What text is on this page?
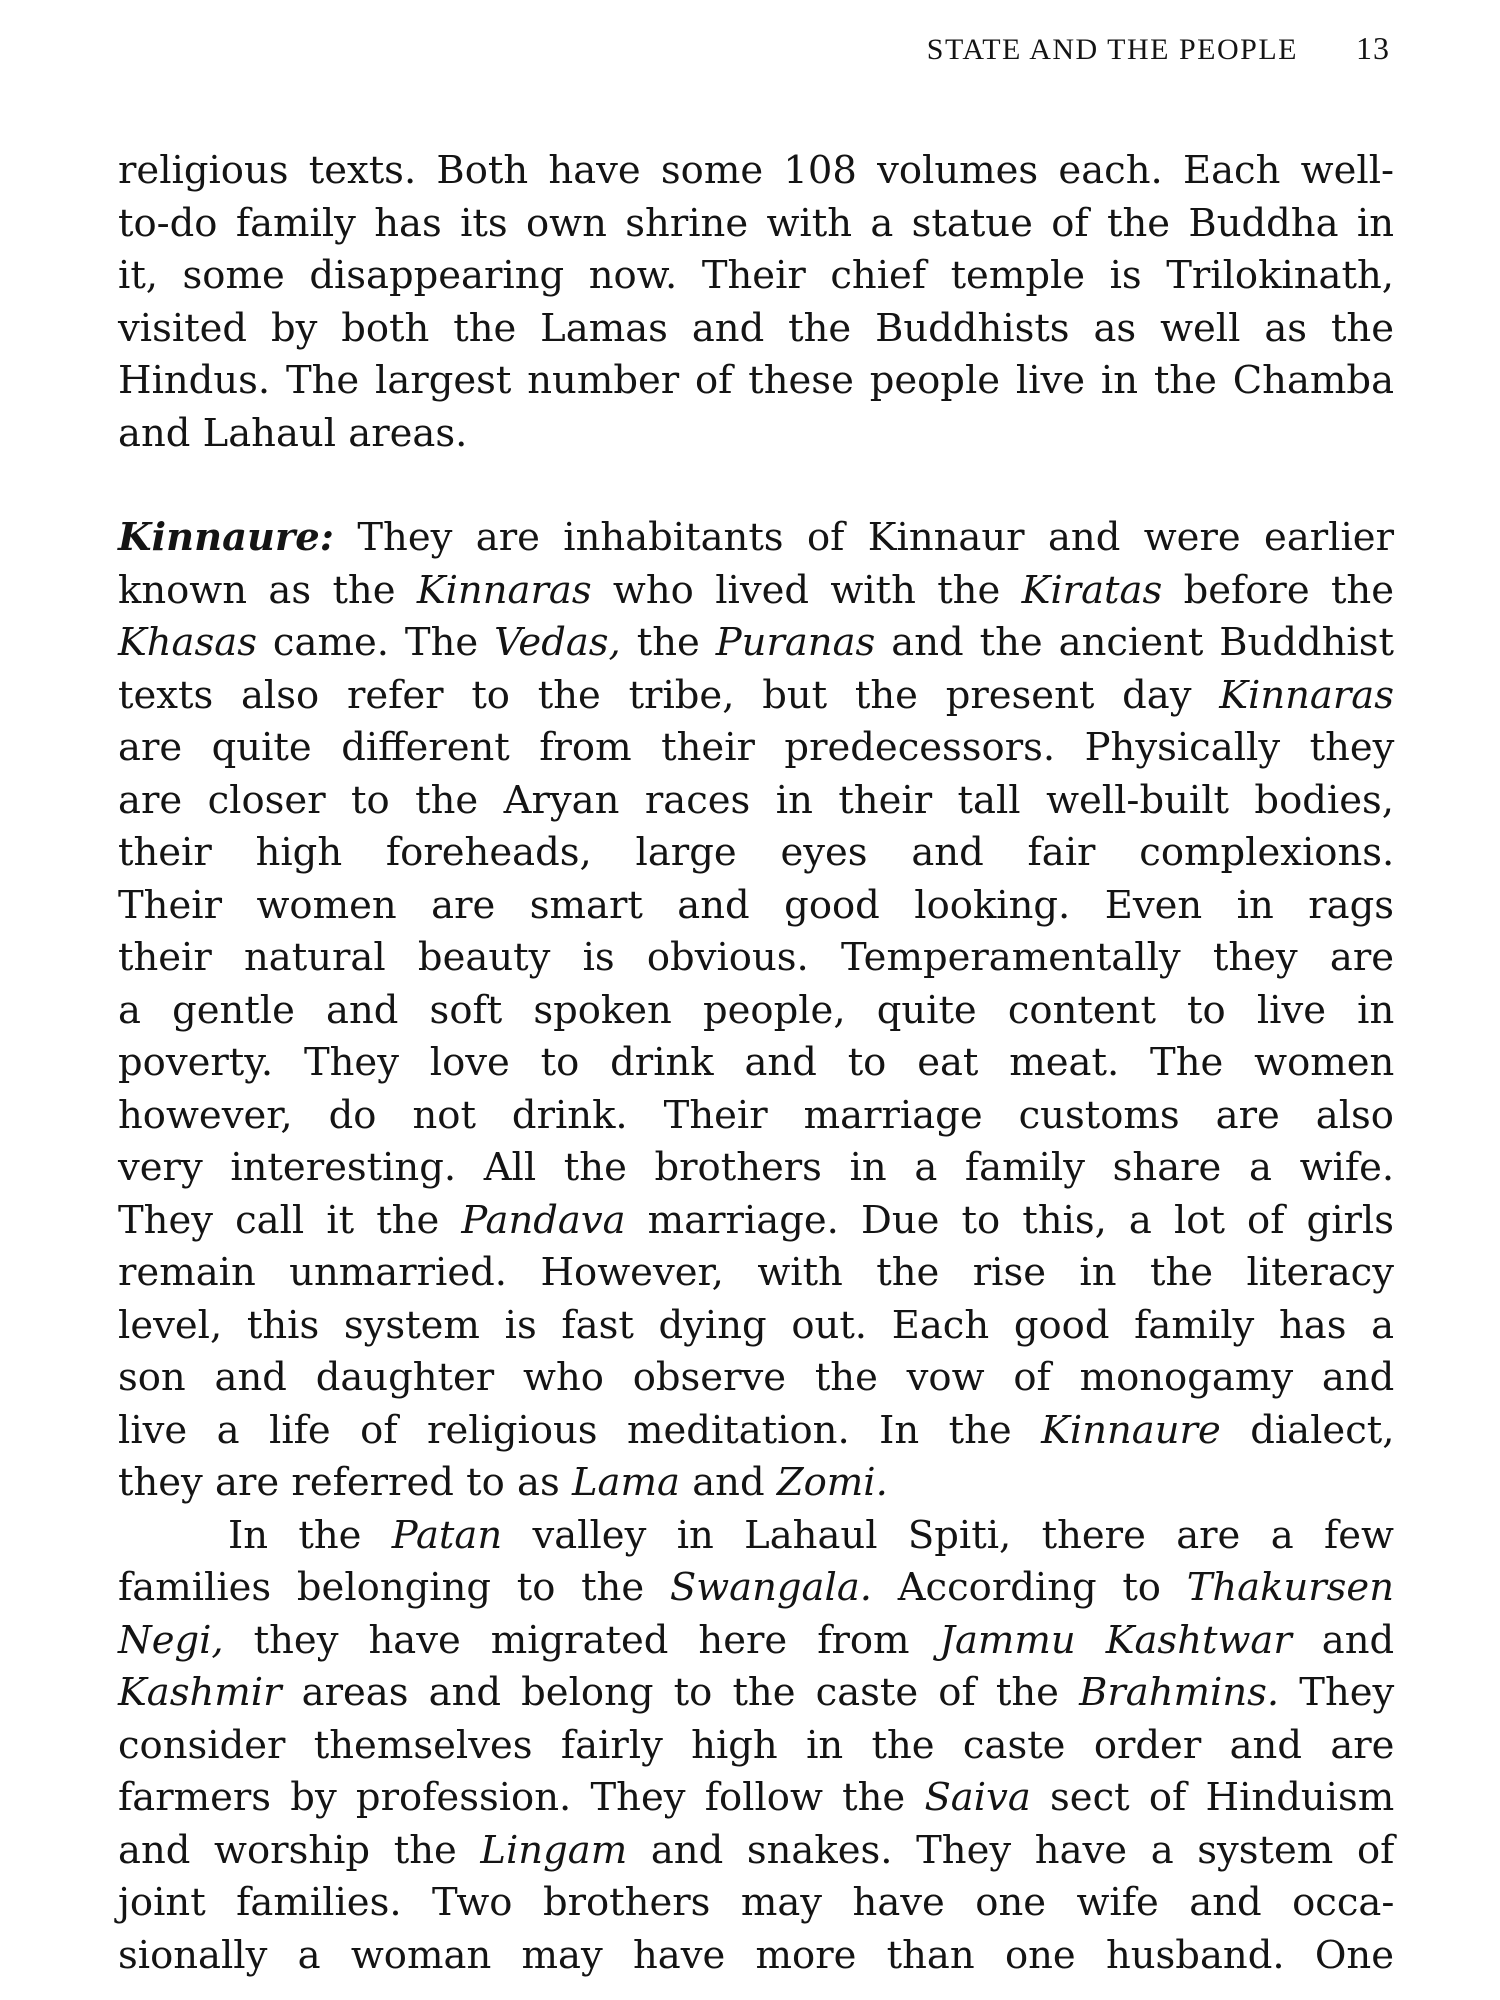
STATE AND THE PEOPLE 13
religious texts. Both have some 108 volumes each. Each well-
to-do family has its own shrine with a statue of the Buddha in
it, some disappearing now. Their chief temple is Trilokinath,
visited by both the Lamas and the Buddhists as well as the
Hindus. The largest number of these people live in the Chamba
and Lahaul areas.
Kinnaure: They are inhabitants of Kinnaur and were earlier
known as the Kinnaras who lived with the Kiratas before the
Khasas came. The Vedas, the Puranas and the ancient Buddhist
texts also refer to the tribe, but the present day Kinnaras
are quite different from their predecessors. Physically they
are closer to the Aryan races in their tall well-built bodies,
their high foreheads, large eyes and fair complexions.
Their women are smart and good looking. Even in rags
their natural beauty is obvious. Temperamentally they are
a gentle and soft spoken people, quite content to live in
poverty. They love to drink and to eat meat. The women
however, do not drink. Their marriage customs are also
very interesting. All the brothers in a family share a wife.
They call it the Pandava marriage. Due to this, a lot of girls
remain unmarried. However, with the rise in the literacy
level, this system is fast dying out. Each good family has a
son and daughter who observe the vow of monogamy and
live a life of religious meditation. In the Kinnaure dialect,
they are referred to as Lama and Zomi.
In the Patan valley in Lahaul Spiti, there are a few
families belonging to the Swangala. According to Thakursen
Negi, they have migrated here from Jammu Kashtwar and
Kashmir areas and belong to the caste of the Brahmins. They
consider themselves fairly high in the caste order and are
farmers by profession. They follow the Saiva sect of Hinduism
and worship the Lingam and snakes. They have a system of
joint families. Two brothers may have one wife and occa-
sionally a woman may have more than one husband. One
